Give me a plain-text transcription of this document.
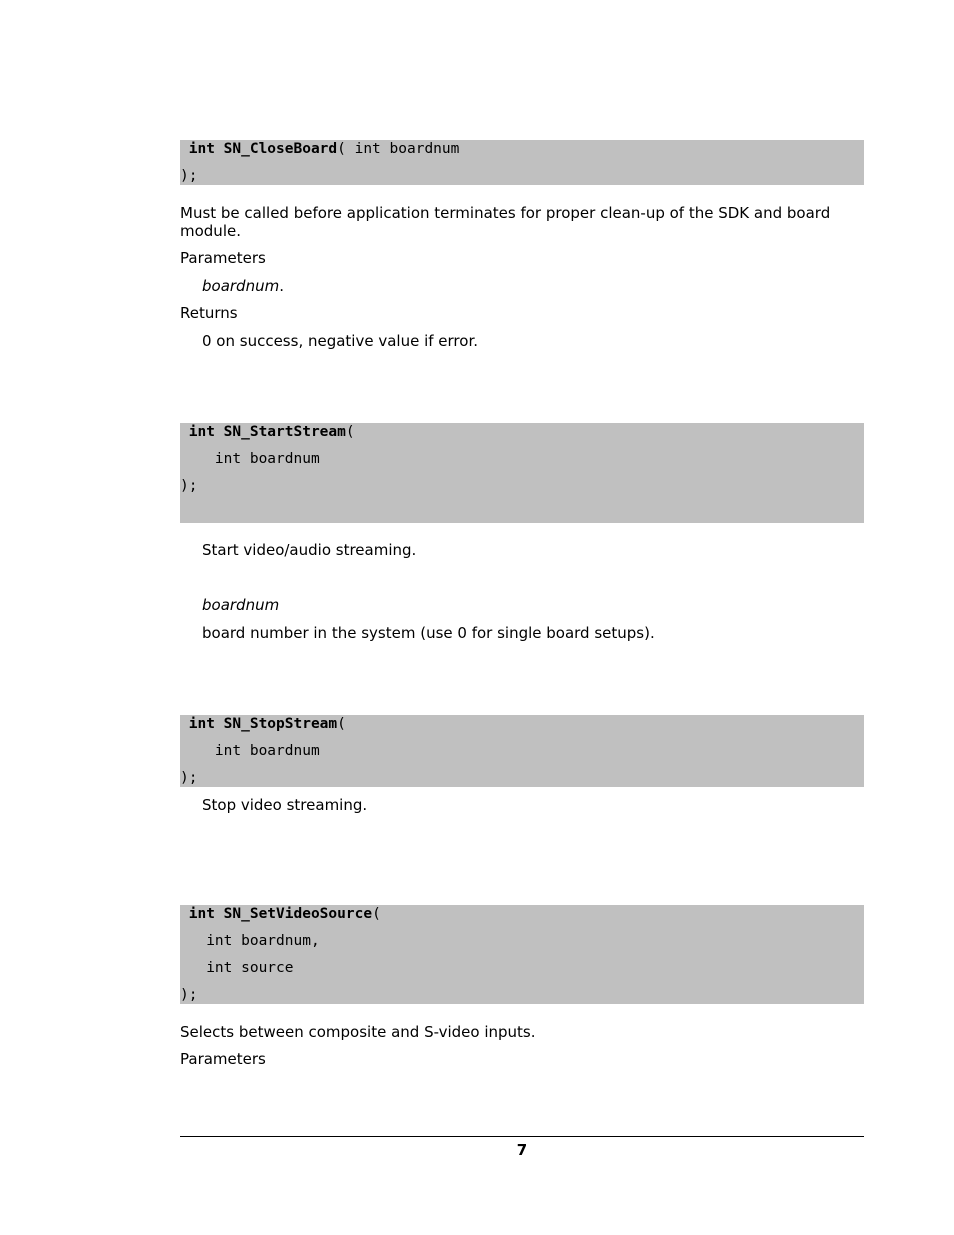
int SN_CloseBoard( int boardnum
);
Must be called before application terminates for proper clean-up of the SDK and board module.
Parameters
boardnum.
Returns
0 on success, negative value if error.
int SN_StartStream(
int boardnum
);
Start video/audio streaming.
boardnum
board number in the system (use 0 for single board setups).
int SN_StopStream(
int boardnum
);
Stop video streaming.
int SN_SetVideoSource(
int boardnum,
int source
);
Selects between composite and S-video inputs.
Parameters
7
